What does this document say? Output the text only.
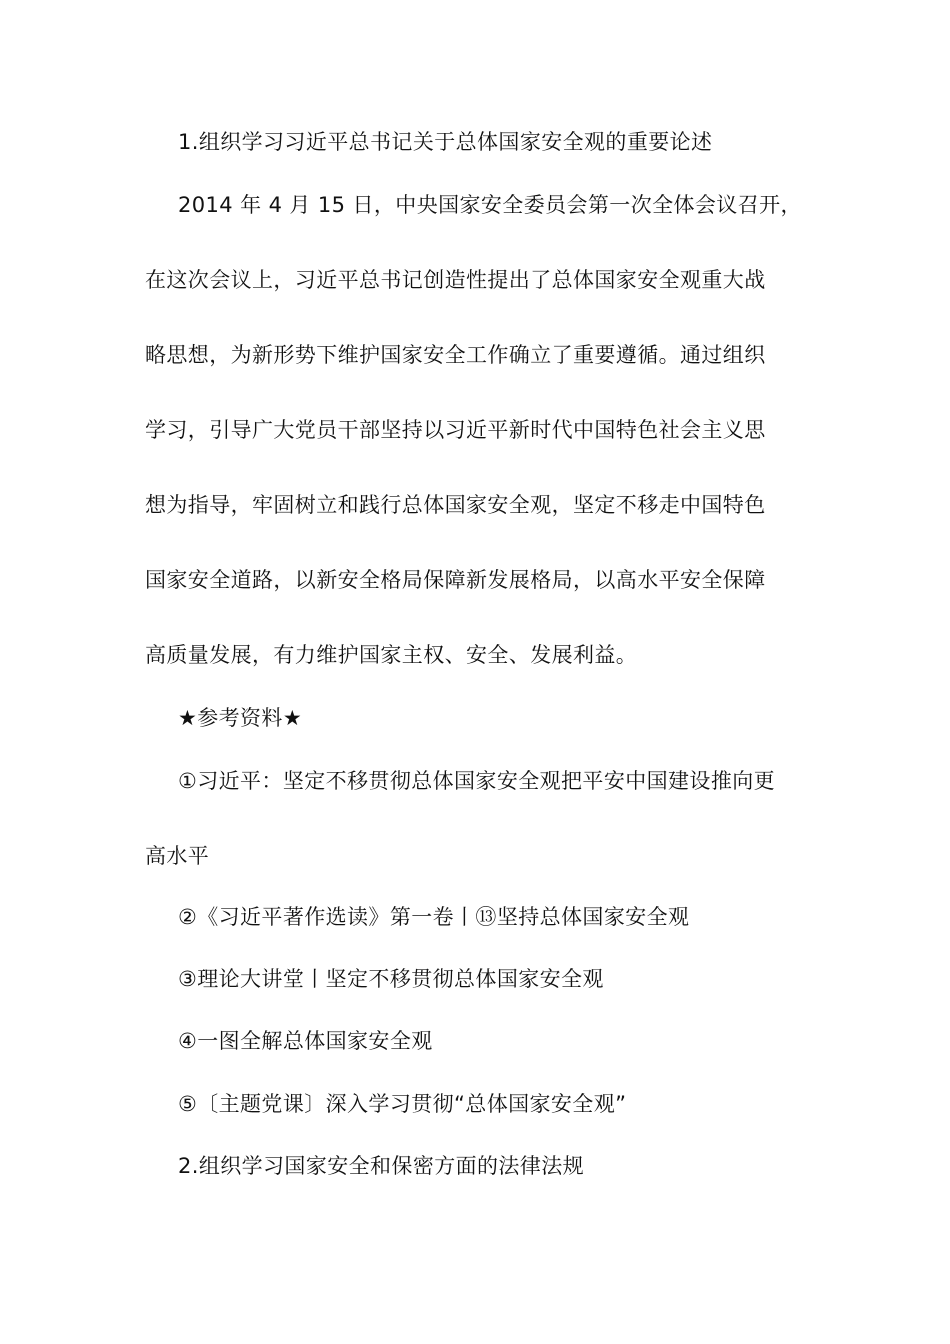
1.组织学习习近平总书记关于总体国家安全观的重要论述
2014 年 4 月 15 日，中央国家安全委员会第一次全体会议召开，
在这次会议上，习近平总书记创造性提出了总体国家安全观重大战
略思想，为新形势下维护国家安全工作确立了重要遵循。通过组织
学习，引导广大党员干部坚持以习近平新时代中国特色社会主义思
想为指导，牢固树立和践行总体国家安全观，坚定不移走中国特色
国家安全道路，以新安全格局保障新发展格局，以高水平安全保障
高质量发展，有力维护国家主权、安全、发展利益。
★参考资料★
①习近平：坚定不移贯彻总体国家安全观把平安中国建设推向更
高水平
②《习近平著作选读》第一卷丨⑬坚持总体国家安全观
③理论大讲堂丨坚定不移贯彻总体国家安全观
④一图全解总体国家安全观
⑤〔主题党课〕深入学习贯彻“总体国家安全观”
2.组织学习国家安全和保密方面的法律法规
